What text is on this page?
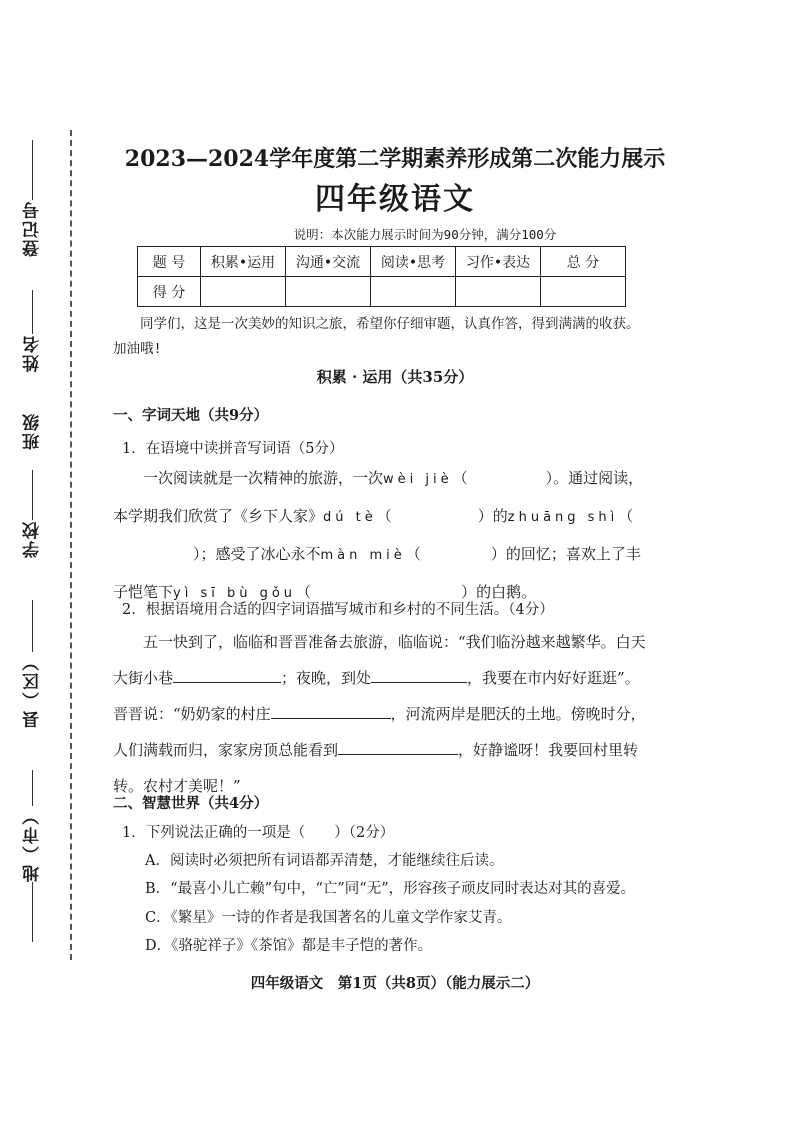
登记号
姓名
班级
学校
县（区）
地（市）
2023—2024学年度第二学期素养形成第二次能力展示
四年级语文
说明：本次能力展示时间为90分钟，满分100分
题 号	积累•运用	沟通•交流	阅读•思考	习作•表达	总 分
得 分					
同学们，这是一次美妙的知识之旅，希望你仔细审题，认真作答，得到满满的收获。加油哦!
积累 · 运用（共35分）
一、字词天地（共9分）
1．在语境中读拼音写词语（5分）
一次阅读就是一次精神的旅游，一次wèi jiè（	）。通过阅读，本学期我们欣赏了《乡下人家》dú tè（	）的zhuāng shì（）；感受了冰心永不màn miè（	）的回忆；喜欢上了丰子恺笔下yì sī bù gǒu（	）的白鹅。
2．根据语境用合适的四字词语描写城市和乡村的不同生活。（4分）
五一快到了，临临和晋晋准备去旅游，临临说：“我们临汾越来越繁华。白天大街小巷	；夜晚，到处	，我要在市内好好逛逛”。晋晋说：“奶奶家的村庄	，河流两岸是肥沃的土地。傍晚时分，人们满载而归，家家房顶总能看到	，好静谧呀！我要回村里转转。农村才美呢！”
二、智慧世界（共4分）
1．下列说法正确的一项是（　　）（2分）
A．阅读时必须把所有词语都弄清楚，才能继续往后读。
B．“最喜小儿亡赖”句中，“亡”同“无”，形容孩子顽皮同时表达对其的喜爱。
C．《繁星》一诗的作者是我国著名的儿童文学作家艾青。
D．《骆驼祥子》《茶馆》都是丰子恺的著作。
四年级语文　第1页（共8页）（能力展示二）
